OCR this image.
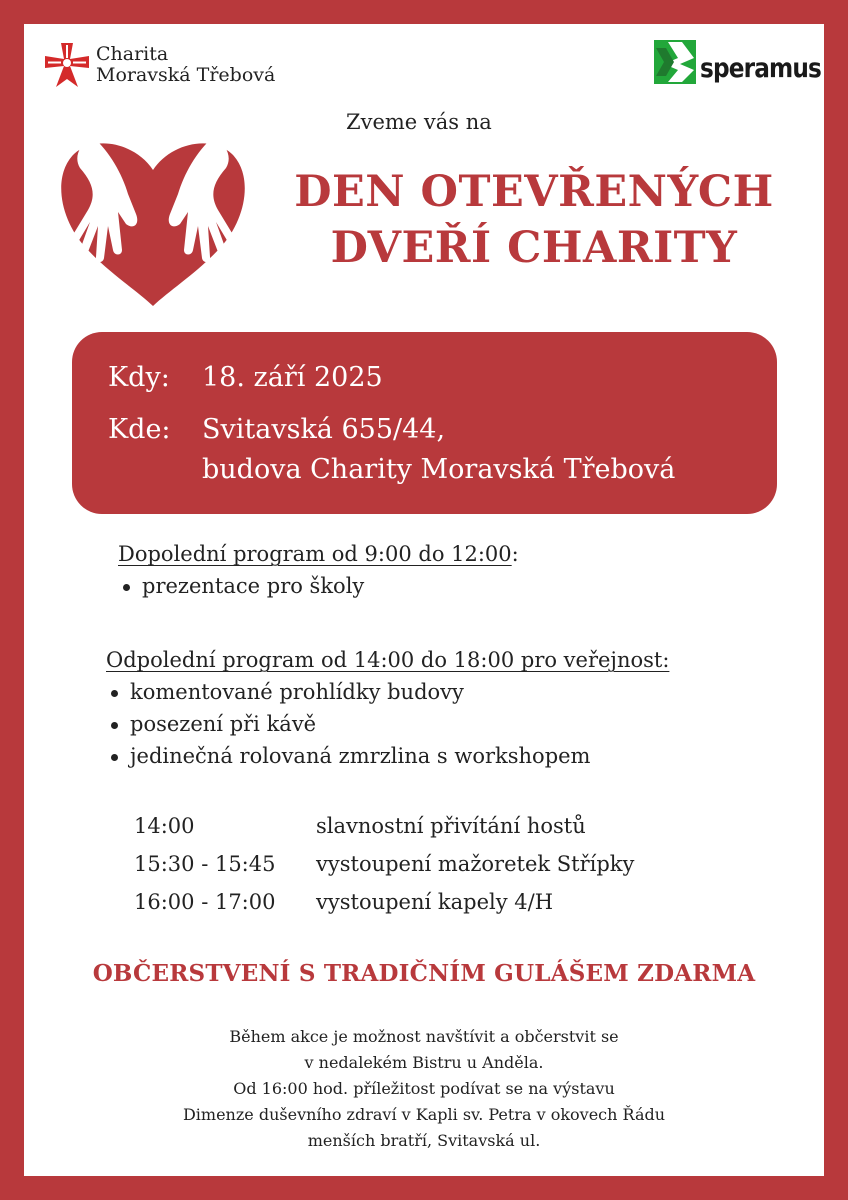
Charita
Moravská Třebová	speramus
Zveme vás na
DEN OTEVŘENÝCH
DVEŘÍ CHARITY
Kdy: 18. září 2025
Kde: Svitavská 655/44,
budova Charity Moravská Třebová
Dopolední program od 9:00 do 12:00:
prezentace pro školy
Odpolední program od 14:00 do 18:00 pro veřejnost:
komentované prohlídky budovy
posezení při kávě
jedinečná rolovaná zmrzlina s workshopem
14:00	slavnostní přivítání hostů
15:30 - 15:45 vystoupení mažoretek Střípky
16:00 - 17:00 vystoupení kapely 4/H
OBČERSTVENÍ S TRADIČNÍM GULÁŠEM ZDARMA
Během akce je možnost navštívit a občerstvit se
v nedalekém Bistru u Anděla.
Od 16:00 hod. příležitost podívat se na výstavu
Dimenze duševního zdraví v Kapli sv. Petra v okovech Řádu
menších bratří, Svitavská ul.
